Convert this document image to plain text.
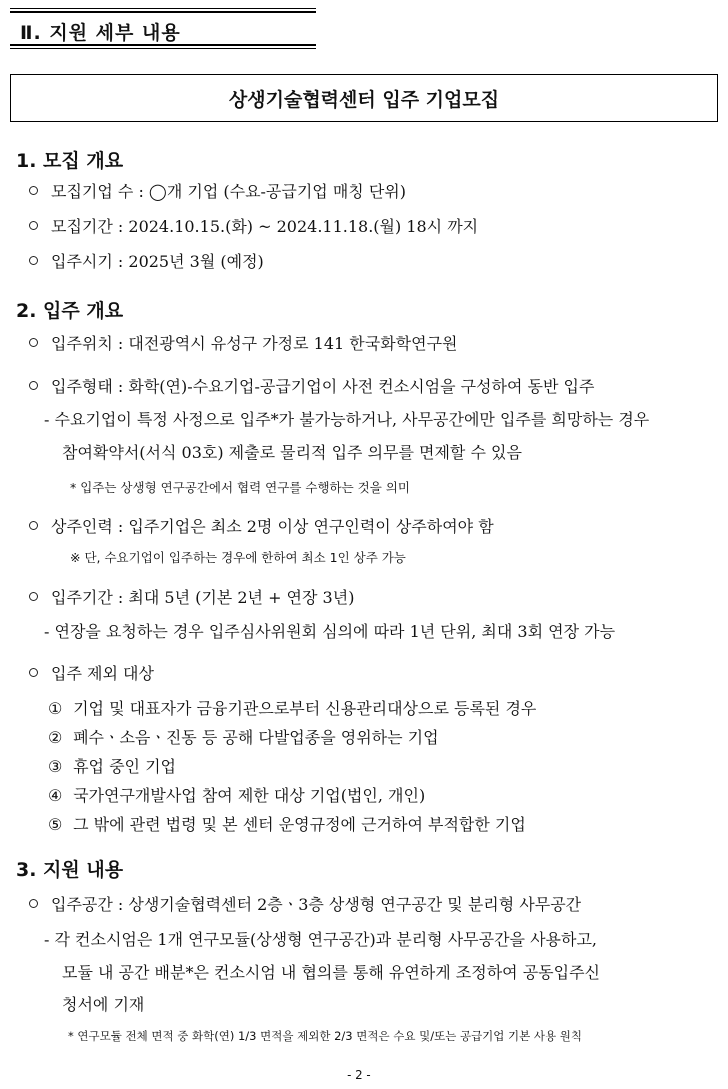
Ⅱ. 지원 세부 내용
상생기술협력센터 입주 기업모집
1. 모집 개요
모집기업 수 : ◯개 기업 (수요-공급기업 매칭 단위)
모집기간 : 2024.10.15.(화) ~ 2024.11.18.(월) 18시 까지
입주시기 : 2025년 3월 (예정)
2. 입주 개요
입주위치 : 대전광역시 유성구 가정로 141 한국화학연구원
입주형태 : 화학(연)-수요기업-공급기업이 사전 컨소시엄을 구성하여 동반 입주
- 수요기업이 특정 사정으로 입주*가 불가능하거나, 사무공간에만 입주를 희망하는 경우
참여확약서(서식 03호) 제출로 물리적 입주 의무를 면제할 수 있음
* 입주는 상생형 연구공간에서 협력 연구를 수행하는 것을 의미
상주인력 : 입주기업은 최소 2명 이상 연구인력이 상주하여야 함
※ 단, 수요기업이 입주하는 경우에 한하여 최소 1인 상주 가능
입주기간 : 최대 5년 (기본 2년 + 연장 3년)
- 연장을 요청하는 경우 입주심사위원회 심의에 따라 1년 단위, 최대 3회 연장 가능
입주 제외 대상
① 기업 및 대표자가 금융기관으로부터 신용관리대상으로 등록된 경우
② 폐수ㆍ소음ㆍ진동 등 공해 다발업종을 영위하는 기업
③ 휴업 중인 기업
④ 국가연구개발사업 참여 제한 대상 기업(법인, 개인)
⑤ 그 밖에 관련 법령 및 본 센터 운영규정에 근거하여 부적합한 기업
3. 지원 내용
입주공간 : 상생기술협력센터 2층ㆍ3층 상생형 연구공간 및 분리형 사무공간
- 각 컨소시엄은 1개 연구모듈(상생형 연구공간)과 분리형 사무공간을 사용하고,
모듈 내 공간 배분*은 컨소시엄 내 협의를 통해 유연하게 조정하여 공동입주신
청서에 기재
* 연구모듈 전체 면적 중 화학(연) 1/3 면적을 제외한 2/3 면적은 수요 및/또는 공급기업 기본 사용 원칙
- 2 -
